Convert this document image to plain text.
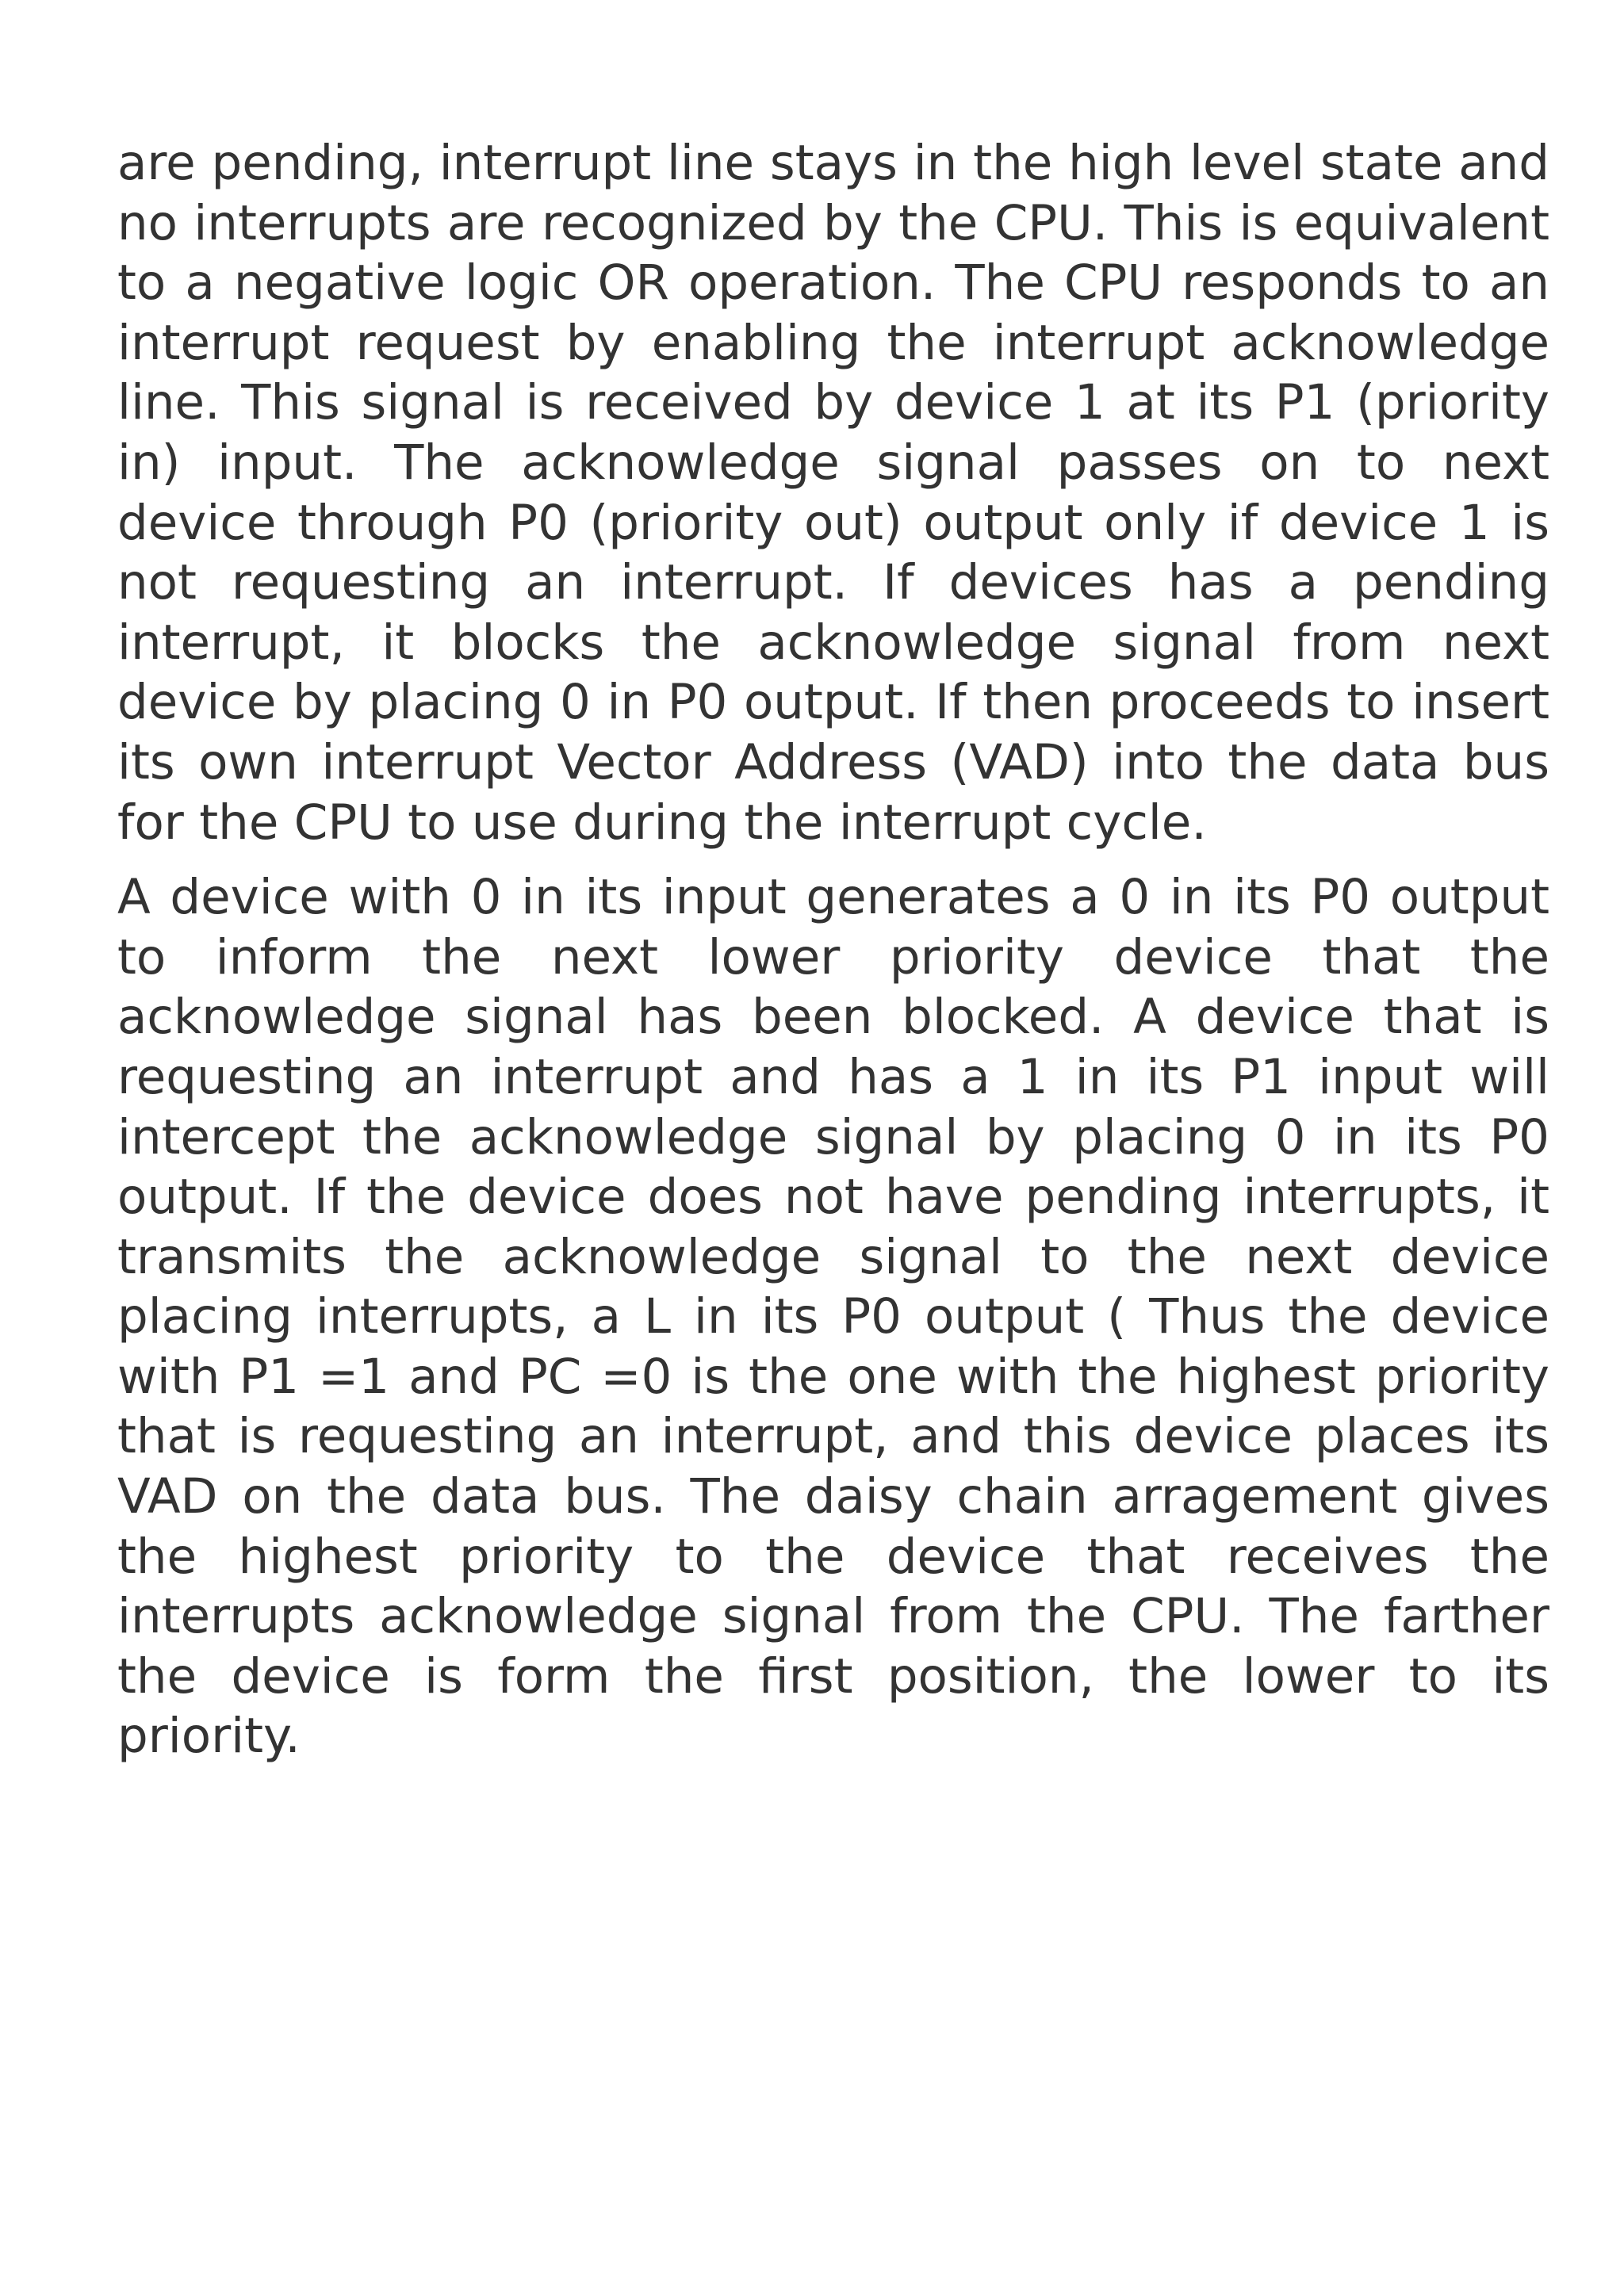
are pending, interrupt line stays in the high level state and no interrupts are recognized by the CPU. This is equivalent to a negative logic OR operation. The CPU responds to an interrupt request by enabling the interrupt acknowledge line. This signal is received by device 1 at its P1 (priority in) input. The acknowledge signal passes on to next device through P0 (priority out) output only if device 1 is not requesting an interrupt. If devices has a pending interrupt, it blocks the acknowledge signal from next device by placing 0 in P0 output. If then proceeds to insert its own interrupt Vector Address (VAD) into the data bus for the CPU to use during the interrupt cycle.

A device with 0 in its input generates a 0 in its P0 output to inform the next lower priority device that the acknowledge signal has been blocked. A device that is requesting an interrupt and has a 1 in its P1 input will intercept the acknowledge signal by placing 0 in its P0 output. If the device does not have pending interrupts, it transmits the acknowledge signal to the next device placing interrupts, a L in its P0 output ( Thus the device with P1 =1 and PC =0 is the one with the highest priority that is requesting an interrupt, and this device places its VAD on the data bus. The daisy chain arragement gives the highest priority to the device that receives the interrupts acknowledge signal from the CPU. The farther the device is form the first position, the lower to its priority.
